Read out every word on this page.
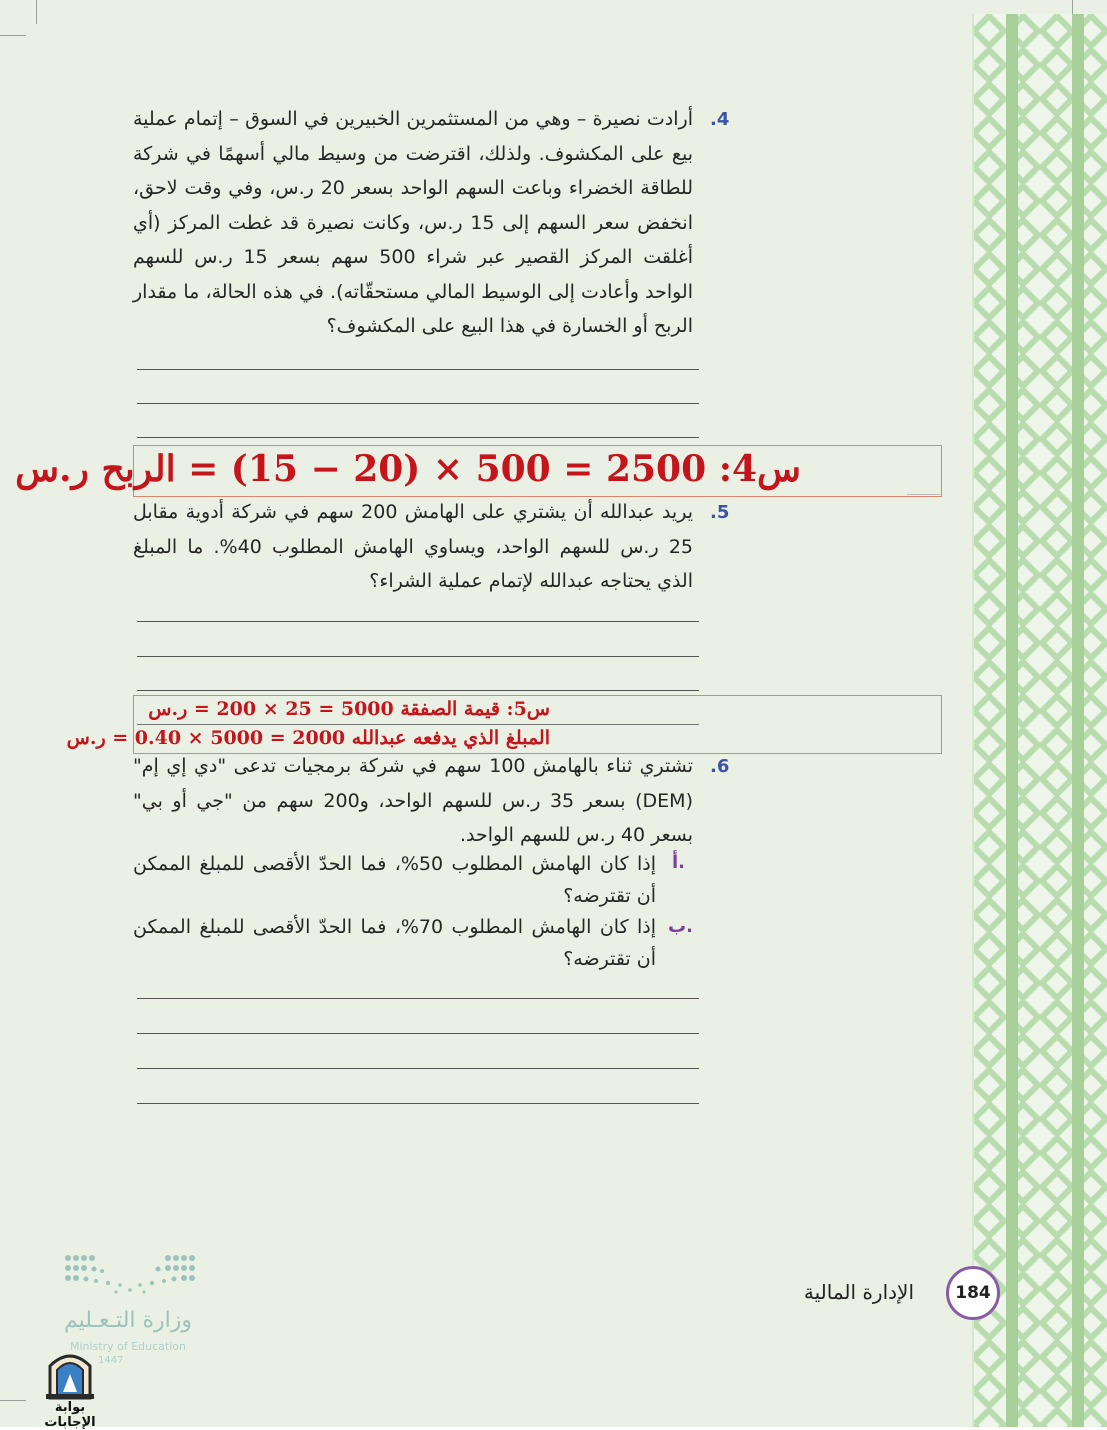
.4
أرادت نصيرة – وهي من المستثمرين الخبيرين في السوق – إتمام عملية بيع على المكشوف. ولذلك، اقترضت من وسيط مالي أسهمًا في شركة للطاقة الخضراء وباعت السهم الواحد بسعر 20 ر.س، وفي وقت لاحق، انخفض سعر السهم إلى 15 ر.س، وكانت نصيرة قد غطت المركز (أي أغلقت المركز القصير عبر شراء 500 سهم بسعر 15 ر.س للسهم الواحد وأعادت إلى الوسيط المالي مستحقّاته). في هذه الحالة، ما مقدار الربح أو الخسارة في هذا البيع على المكشوف؟
س4: 2500 = 500 × (20 − 15) = الربح ر.س
.5
يريد عبدالله أن يشتري على الهامش 200 سهم في شركة أدوية مقابل 25 ر.س للسهم الواحد، ويساوي الهامش المطلوب 40%. ما المبلغ الذي يحتاجه عبدالله لإتمام عملية الشراء؟
س5: قيمة الصفقة 5000 = 25 × 200 = ر.س
المبلغ الذي يدفعه عبدالله 2000 = 5000 × 0.40 = ر.س
.6
تشتري ثناء بالهامش 100 سهم في شركة برمجيات تدعى "دي إي إم" (DEM) بسعر 35 ر.س للسهم الواحد، و200 سهم من "جي أو بي" بسعر 40 ر.س للسهم الواحد.
أ.
إذا كان الهامش المطلوب 50%، فما الحدّ الأقصى للمبلغ الممكن أن تقترضه؟
ب.
إذا كان الهامش المطلوب 70%، فما الحدّ الأقصى للمبلغ الممكن أن تقترضه؟
وزارة التـعـليم
Ministry of Education
1447
بوابة الإجابات
الإدارة المالية	184
